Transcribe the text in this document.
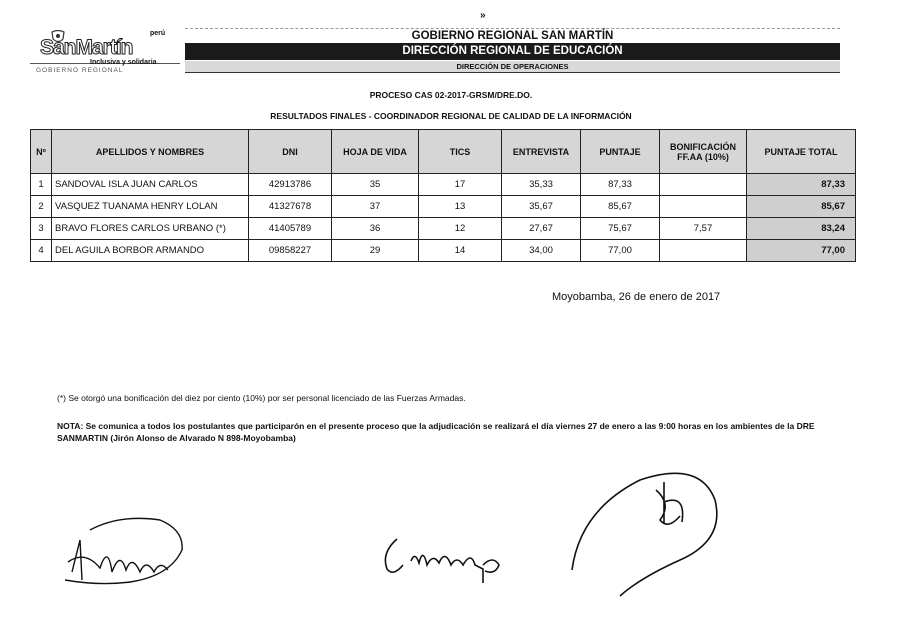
»
perú
SanMartín
Inclusiva y solidaria
GOBIERNO REGIONAL
GOBIERNO REGIONAL SAN MARTÍN
DIRECCIÓN REGIONAL DE EDUCACIÓN
DIRECCIÓN DE OPERACIONES
PROCESO CAS 02-2017-GRSM/DRE.DO.
RESULTADOS FINALES - COORDINADOR REGIONAL DE CALIDAD DE LA INFORMACIÓN
Nº	APELLIDOS Y NOMBRES	DNI	HOJA DE VIDA	TICS	ENTREVISTA	PUNTAJE	BONIFICACIÓN FF.AA (10%)	PUNTAJE TOTAL
1	SANDOVAL ISLA JUAN CARLOS	42913786	35	17	35,33	87,33		87,33
2	VASQUEZ TUANAMA HENRY LOLAN	41327678	37	13	35,67	85,67		85,67
3	BRAVO FLORES CARLOS URBANO (*)	41405789	36	12	27,67	75,67	7,57	83,24
4	DEL AGUILA BORBOR ARMANDO	09858227	29	14	34,00	77,00		77,00
Moyobamba, 26 de enero de 2017
(*) Se otorgó una bonificación del diez por ciento (10%) por ser personal licenciado de las Fuerzas Armadas.
NOTA: Se comunica a todos los postulantes que participarón en el presente proceso que la adjudicación se realizará el día viernes 27 de enero a las 9:00 horas en los ambientes de la DRE SANMARTIN (Jirón Alonso de Alvarado N 898-Moyobamba)
